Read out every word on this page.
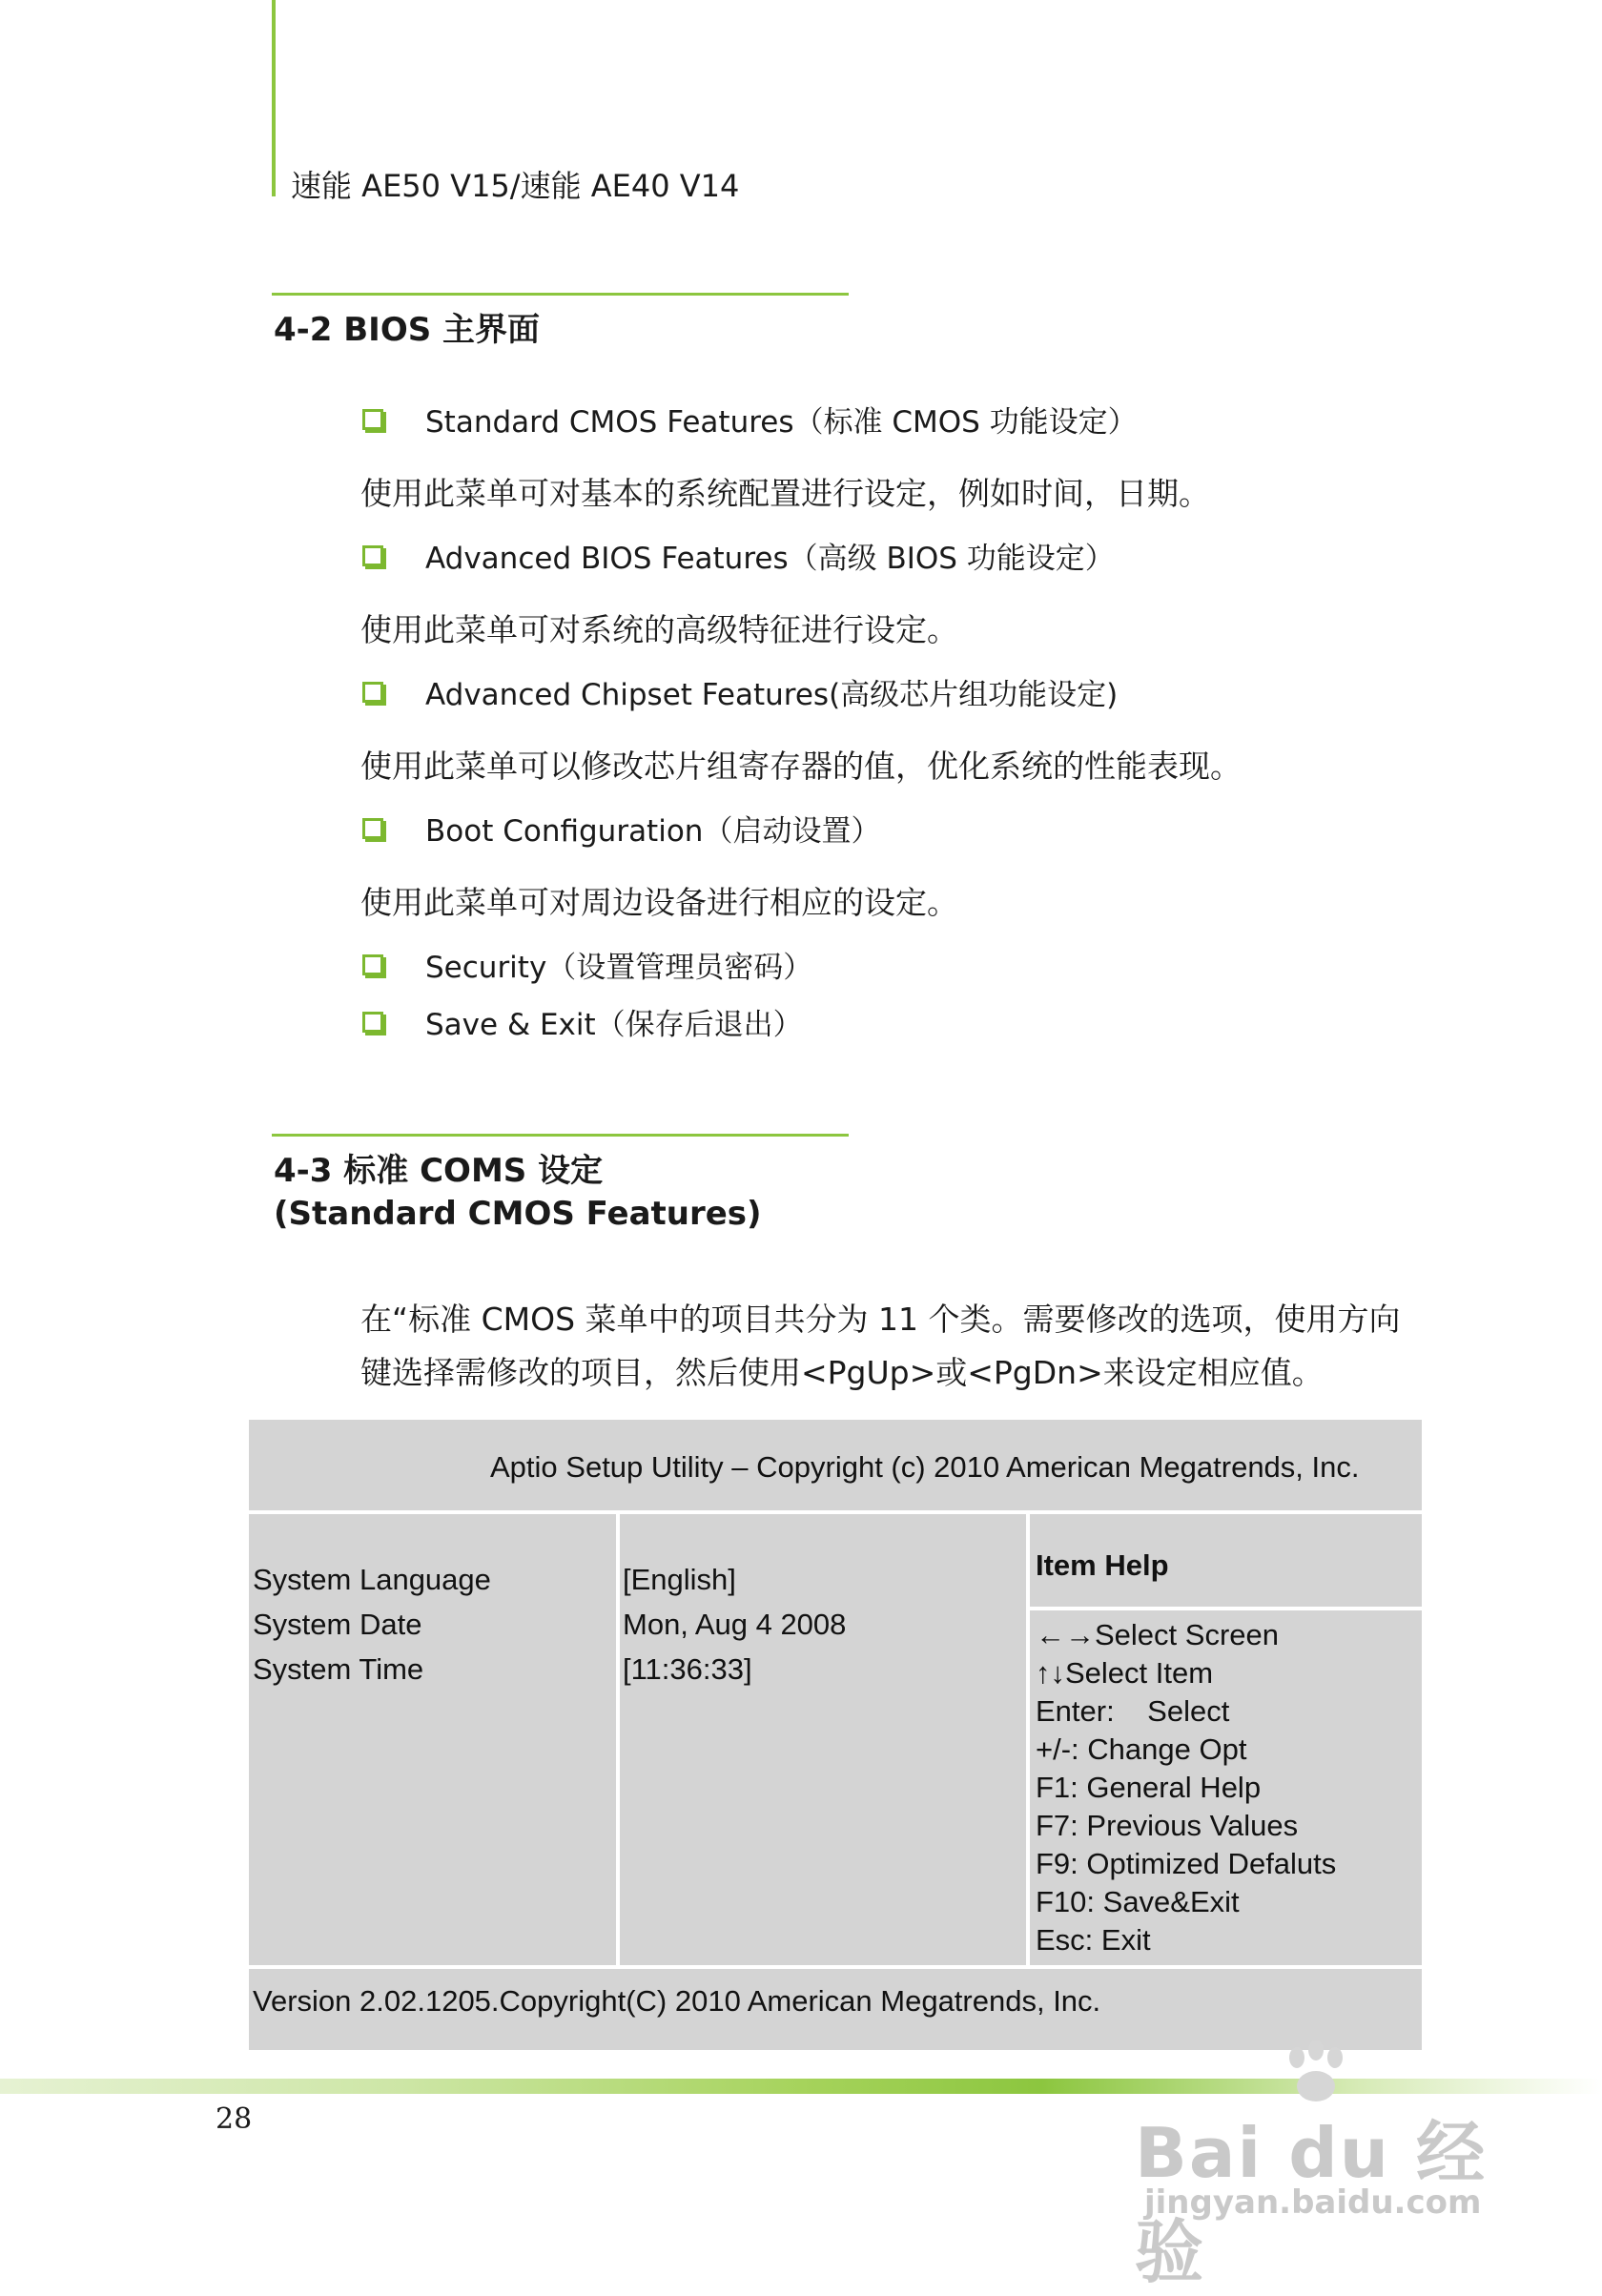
速能 AE50 V15/速能 AE40 V14
4-2 BIOS 主界面
Standard CMOS Features（标准 CMOS 功能设定）
使用此菜单可对基本的系统配置进行设定，例如时间，日期。
Advanced BIOS Features（高级 BIOS 功能设定）
使用此菜单可对系统的高级特征进行设定。
Advanced Chipset Features(高级芯片组功能设定)
使用此菜单可以修改芯片组寄存器的值，优化系统的性能表现。
Boot Configuration（启动设置）
使用此菜单可对周边设备进行相应的设定。
Security（设置管理员密码）
Save & Exit（保存后退出）
4-3 标准 COMS 设定
(Standard CMOS Features)
在“标准 CMOS 菜单中的项目共分为 11 个类。需要修改的选项，使用方向
键选择需修改的项目，然后使用<PgUp>或<PgDn>来设定相应值。
Aptio Setup Utility – Copyright (c) 2010 American Megatrends, Inc.
System Language
System Date
System Time
[English]
Mon, Aug 4 2008
[11:36:33]
Item Help
←→Select Screen
↑↓Select Item
Enter:    Select
+/-: Change Opt
F1: General Help
F7: Previous Values
F9: Optimized Defaluts
F10: Save&Exit
Esc: Exit
Version 2.02.1205.Copyright(C) 2010 American Megatrends, Inc.
28	Bai du 经验
jingyan.baidu.com
